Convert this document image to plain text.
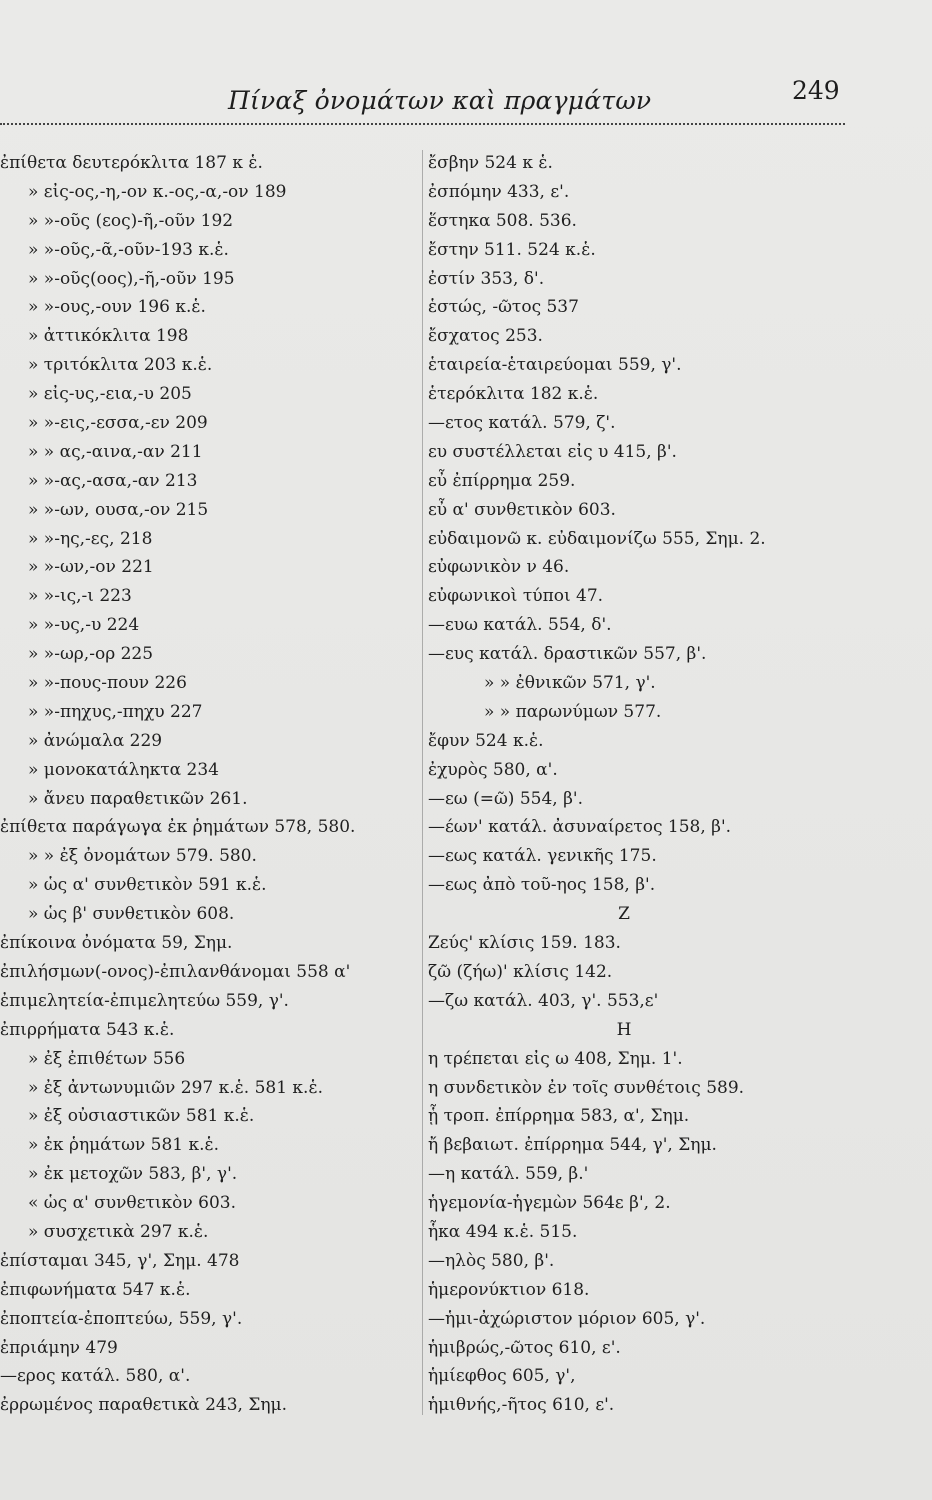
Πίναξ ὀνομάτων καὶ πραγμάτων	249
ἐπίθετα δευτερόκλιτα 187 κ ἑ.
» εἰς-ος,-η,-ον κ.-ος,-α,-ον 189
» »-οῦς (εος)-ῆ,-οῦν 192
» »-οῦς,-ᾶ,-οῦν-193 κ.ἑ.
» »-οῦς(οος),-ῆ,-οῦν 195
» »-ους,-ουν 196 κ.ἑ.
» ἀττικόκλιτα 198
» τριτόκλιτα 203 κ.ἑ.
» εἰς-υς,-εια,-υ 205
» »-εις,-εσσα,-εν 209
» » ας,-αινα,-αν 211
» »-ας,-ασα,-αν 213
» »-ων, ουσα,-ον 215
» »-ης,-ες, 218
» »-ων,-ον 221
» »-ις,-ι 223
» »-υς,-υ 224
» »-ωρ,-ορ 225
» »-πους-πουν 226
» »-πηχυς,-πηχυ 227
» ἀνώμαλα 229
» μονοκατάληκτα 234
» ἄνευ παραθετικῶν 261.
ἐπίθετα παράγωγα ἐκ ῥημάτων 578, 580.
» » ἐξ ὀνομάτων 579. 580.
» ὡς α' συνθετικὸν 591 κ.ἑ.
» ὡς β' συνθετικὸν 608.
ἐπίκοινα ὀνόματα 59, Σημ.
ἐπιλήσμων(-ονος)-ἐπιλανθάνομαι 558 α'
ἐπιμελητεία-ἐπιμελητεύω 559, γ'.
ἐπιρρήματα 543 κ.ἑ.
» ἐξ ἐπιθέτων 556
» ἐξ ἀντωνυμιῶν 297 κ.ἑ. 581 κ.ἑ.
» ἐξ οὐσιαστικῶν 581 κ.ἑ.
» ἐκ ῥημάτων 581 κ.ἑ.
» ἐκ μετοχῶν 583, β', γ'.
« ὡς α' συνθετικὸν 603.
» συσχετικὰ 297 κ.ἑ.
ἐπίσταμαι 345, γ', Σημ. 478
ἐπιφωνήματα 547 κ.ἑ.
ἐποπτεία-ἐποπτεύω, 559, γ'.
ἐπριάμην 479
—ερος κατάλ. 580, α'.
ἐρρωμένος παραθετικὰ 243, Σημ.
ἔσβην 524 κ ἑ.
ἐσπόμην 433, ε'.
ἕστηκα 508. 536.
ἔστην 511. 524 κ.ἑ.
ἐστίν 353, δ'.
ἑστώς, -ῶτος 537
ἔσχατος 253.
ἑταιρεία-ἑταιρεύομαι 559, γ'.
ἑτερόκλιτα 182 κ.ἑ.
—ετος κατάλ. 579, ζ'.
ευ συστέλλεται εἰς υ 415, β'.
εὖ ἐπίρρημα 259.
εὖ α' συνθετικὸν 603.
εὐδαιμονῶ κ. εὐδαιμονίζω 555, Σημ. 2.
εὐφωνικὸν ν 46.
εὐφωνικοὶ τύποι 47.
—ευω κατάλ. 554, δ'.
—ευς κατάλ. δραστικῶν 557, β'.
» » ἐθνικῶν 571, γ'.
» » παρωνύμων 577.
ἔφυν 524 κ.ἑ.
ἐχυρὸς 580, α'.
—εω (=ῶ) 554, β'.
—έων' κατάλ. ἀσυναίρετος 158, β'.
—εως κατάλ. γενικῆς 175.
—εως ἀπὸ τοῦ-ηος 158, β'.
Ζ
Ζεύς' κλίσις 159. 183.
ζῶ (ζήω)' κλίσις 142.
—ζω κατάλ. 403, γ'. 553,ε'
Η
η τρέπεται εἰς ω 408, Σημ. 1'.
η συνδετικὸν ἐν τοῖς συνθέτοις 589.
ᾗ τροπ. ἐπίρρημα 583, α', Σημ.
ἤ βεβαιωτ. ἐπίρρημα 544, γ', Σημ.
—η κατάλ. 559, β.'
ἡγεμονία-ἡγεμὼν 564ε β', 2.
ἧκα 494 κ.ἑ. 515.
—ηλὸς 580, β'.
ἡμερονύκτιον 618.
—ἡμι-ἀχώριστον μόριον 605, γ'.
ἡμιβρώς,-ῶτος 610, ε'.
ἡμίεφθος 605, γ',
ἡμιθνής,-ῆτος 610, ε'.
